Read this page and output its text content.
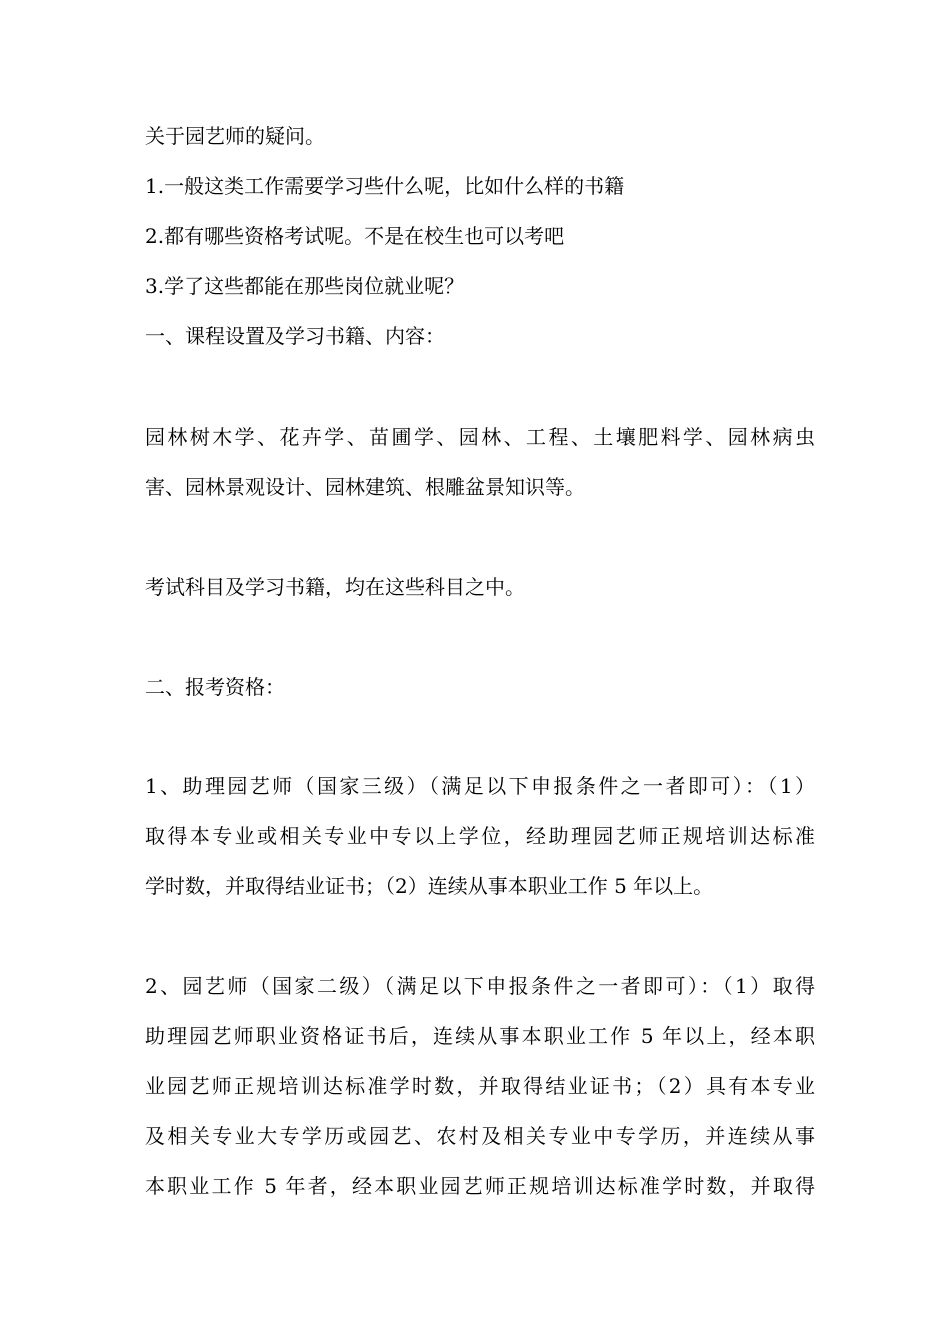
关于园艺师的疑问。
1.一般这类工作需要学习些什么呢，比如什么样的书籍
2.都有哪些资格考试呢。不是在校生也可以考吧
3.学了这些都能在那些岗位就业呢？
一、课程设置及学习书籍、内容：
园林树木学、花卉学、苗圃学、园林、工程、土壤肥料学、园林病虫
害、园林景观设计、园林建筑、根雕盆景知识等。
考试科目及学习书籍，均在这些科目之中。
二、报考资格：
1、助理园艺师（国家三级）（满足以下申报条件之一者即可）：（1）
取得本专业或相关专业中专以上学位，经助理园艺师正规培训达标准
学时数，并取得结业证书；（2）连续从事本职业工作 5 年以上。
2、园艺师（国家二级）（满足以下申报条件之一者即可）：（1）取得
助理园艺师职业资格证书后，连续从事本职业工作 5 年以上，经本职
业园艺师正规培训达标准学时数，并取得结业证书；（2）具有本专业
及相关专业大专学历或园艺、农村及相关专业中专学历，并连续从事
本职业工作 5 年者，经本职业园艺师正规培训达标准学时数，并取得
